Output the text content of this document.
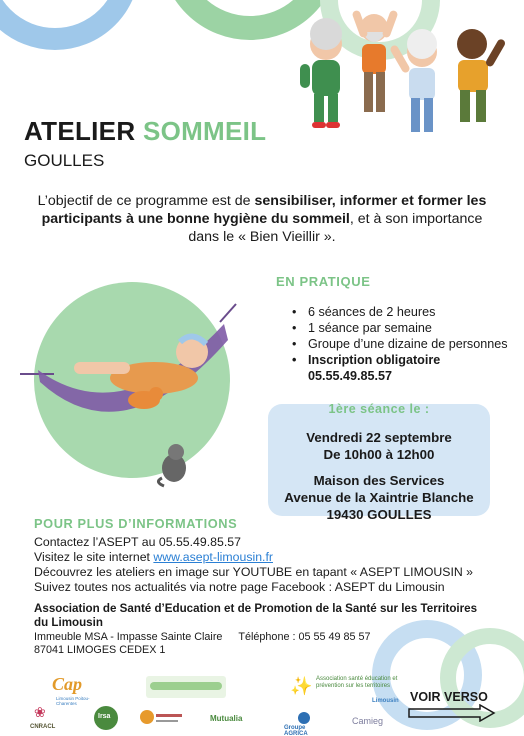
ATELIER SOMMEIL
GOULLES
L’objectif de ce programme est de sensibiliser, informer et former les participants à une bonne hygiène du sommeil, et à son importance dans le « Bien Vieillir ».
EN PRATIQUE
• 6 séances de 2 heures
• 1 séance par semaine
• Groupe d’une dizaine de personnes
• Inscription obligatoire
05.55.49.85.57
1ère séance le :
Vendredi 22 septembre
De 10h00 à 12h00
Maison des Services
Avenue de la Xaintrie Blanche
19430 GOULLES
POUR PLUS D’INFORMATIONS
Contactez l’ASEPT au 05.55.49.85.57
Visitez le site internet www.asept-limousin.fr
Découvrez les ateliers en image sur YOUTUBE en tapant « ASEPT LIMOUSIN »
Suivez toutes nos actualités via notre page Facebook : ASEPT du Limousin
Association de Santé d’Education et de Promotion de la Santé sur les Territoires du Limousin
Immeuble MSA - Impasse Sainte Claire Téléphone : 05 55 49 85 57
87041 LIMOGES CEDEX 1
Cap
Limousin Poitou-Charentes
✨ Association santé éducation et prévention sur les territoires
Limousin
❀
CNRACL
Irsa	Mutualia
Groupe AGRICA
Camieg
VOIR VERSO
